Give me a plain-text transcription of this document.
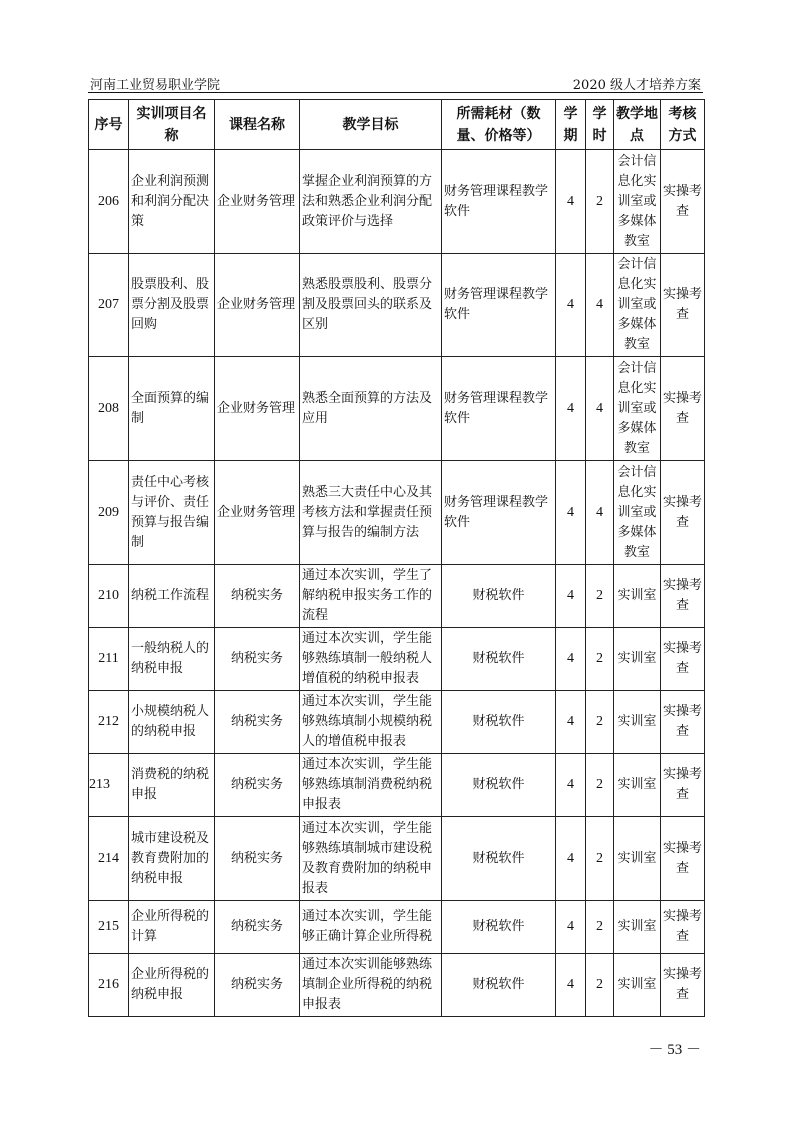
河南工业贸易职业学院	2020 级人才培养方案
序号	实训项目名称	课程名称	教学目标	所需耗材（数量、价格等）	学期	学时	教学地点	考核方式
206	企业利润预测和利润分配决策	企业财务管理	掌握企业利润预算的方法和熟悉企业利润分配政策评价与选择	财务管理课程教学软件	4	2	会计信息化实训室或多媒体教室	实操考查
207	股票股利、股票分割及股票回购	企业财务管理	熟悉股票股利、股票分割及股票回头的联系及区别	财务管理课程教学软件	4	4	会计信息化实训室或多媒体教室	实操考查
208	全面预算的编制	企业财务管理	熟悉全面预算的方法及应用	财务管理课程教学软件	4	4	会计信息化实训室或多媒体教室	实操考查
209	责任中心考核与评价、责任预算与报告编制	企业财务管理	熟悉三大责任中心及其考核方法和掌握责任预算与报告的编制方法	财务管理课程教学软件	4	4	会计信息化实训室或多媒体教室	实操考查
210	纳税工作流程	纳税实务	通过本次实训，学生了解纳税申报实务工作的流程	财税软件	4	2	实训室	实操考查
211	一般纳税人的纳税申报	纳税实务	通过本次实训，学生能够熟练填制一般纳税人增值税的纳税申报表	财税软件	4	2	实训室	实操考查
212	小规模纳税人的纳税申报	纳税实务	通过本次实训，学生能够熟练填制小规模纳税人的增值税申报表	财税软件	4	2	实训室	实操考查
213	消费税的纳税申报	纳税实务	通过本次实训，学生能够熟练填制消费税纳税申报表	财税软件	4	2	实训室	实操考查
214	城市建设税及教育费附加的纳税申报	纳税实务	通过本次实训，学生能够熟练填制城市建设税及教育费附加的纳税申报表	财税软件	4	2	实训室	实操考查
215	企业所得税的计算	纳税实务	通过本次实训，学生能够正确计算企业所得税	财税软件	4	2	实训室	实操考查
216	企业所得税的纳税申报	纳税实务	通过本次实训能够熟练填制企业所得税的纳税申报表	财税软件	4	2	实训室	实操考查
－ 53 －
